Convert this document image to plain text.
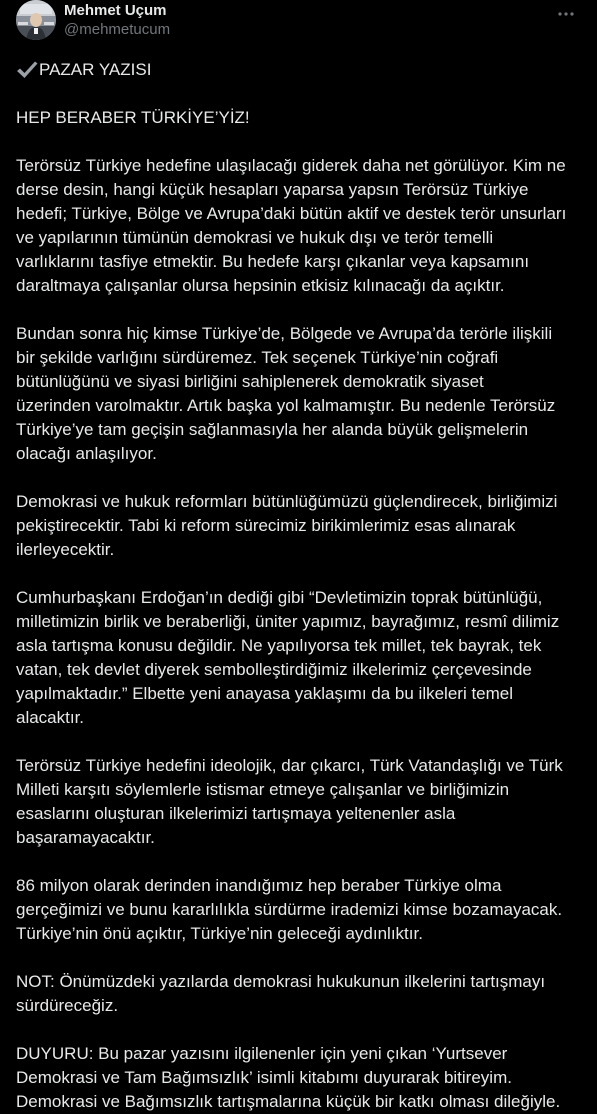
Mehmet Uçum
@mehmetucum
PAZAR YAZISI
HEP BERABER TÜRKİYE’YİZ!
Terörsüz Türkiye hedefine ulaşılacağı giderek daha net görülüyor. Kim ne
derse desin, hangi küçük hesapları yaparsa yapsın Terörsüz Türkiye
hedefi; Türkiye, Bölge ve Avrupa’daki bütün aktif ve destek terör unsurları
ve yapılarının tümünün demokrasi ve hukuk dışı ve terör temelli
varlıklarını tasfiye etmektir. Bu hedefe karşı çıkanlar veya kapsamını
daraltmaya çalışanlar olursa hepsinin etkisiz kılınacağı da açıktır.
Bundan sonra hiç kimse Türkiye’de, Bölgede ve Avrupa’da terörle ilişkili
bir şekilde varlığını sürdüremez. Tek seçenek Türkiye’nin coğrafi
bütünlüğünü ve siyasi birliğini sahiplenerek demokratik siyaset
üzerinden varolmaktır. Artık başka yol kalmamıştır. Bu nedenle Terörsüz
Türkiye’ye tam geçişin sağlanmasıyla her alanda büyük gelişmelerin
olacağı anlaşılıyor.
Demokrasi ve hukuk reformları bütünlüğümüzü güçlendirecek, birliğimizi
pekiştirecektir. Tabi ki reform sürecimiz birikimlerimiz esas alınarak
ilerleyecektir.
Cumhurbaşkanı Erdoğan’ın dediği gibi “Devletimizin toprak bütünlüğü,
milletimizin birlik ve beraberliği, üniter yapımız, bayrağımız, resmî dilimiz
asla tartışma konusu değildir. Ne yapılıyorsa tek millet, tek bayrak, tek
vatan, tek devlet diyerek sembolleştirdiğimiz ilkelerimiz çerçevesinde
yapılmaktadır.” Elbette yeni anayasa yaklaşımı da bu ilkeleri temel
alacaktır.
Terörsüz Türkiye hedefini ideolojik, dar çıkarcı, Türk Vatandaşlığı ve Türk
Milleti karşıtı söylemlerle istismar etmeye çalışanlar ve birliğimizin
esaslarını oluşturan ilkelerimizi tartışmaya yeltenenler asla
başaramayacaktır.
86 milyon olarak derinden inandığımız hep beraber Türkiye olma
gerçeğimizi ve bunu kararlılıkla sürdürme irademizi kimse bozamayacak.
Türkiye’nin önü açıktır, Türkiye’nin geleceği aydınlıktır.
NOT: Önümüzdeki yazılarda demokrasi hukukunun ilkelerini tartışmayı
sürdüreceğiz.
DUYURU: Bu pazar yazısını ilgilenenler için yeni çıkan ‘Yurtsever
Demokrasi ve Tam Bağımsızlık’ isimli kitabımı duyurarak bitireyim.
Demokrasi ve Bağımsızlık tartışmalarına küçük bir katkı olması dileğiyle.
